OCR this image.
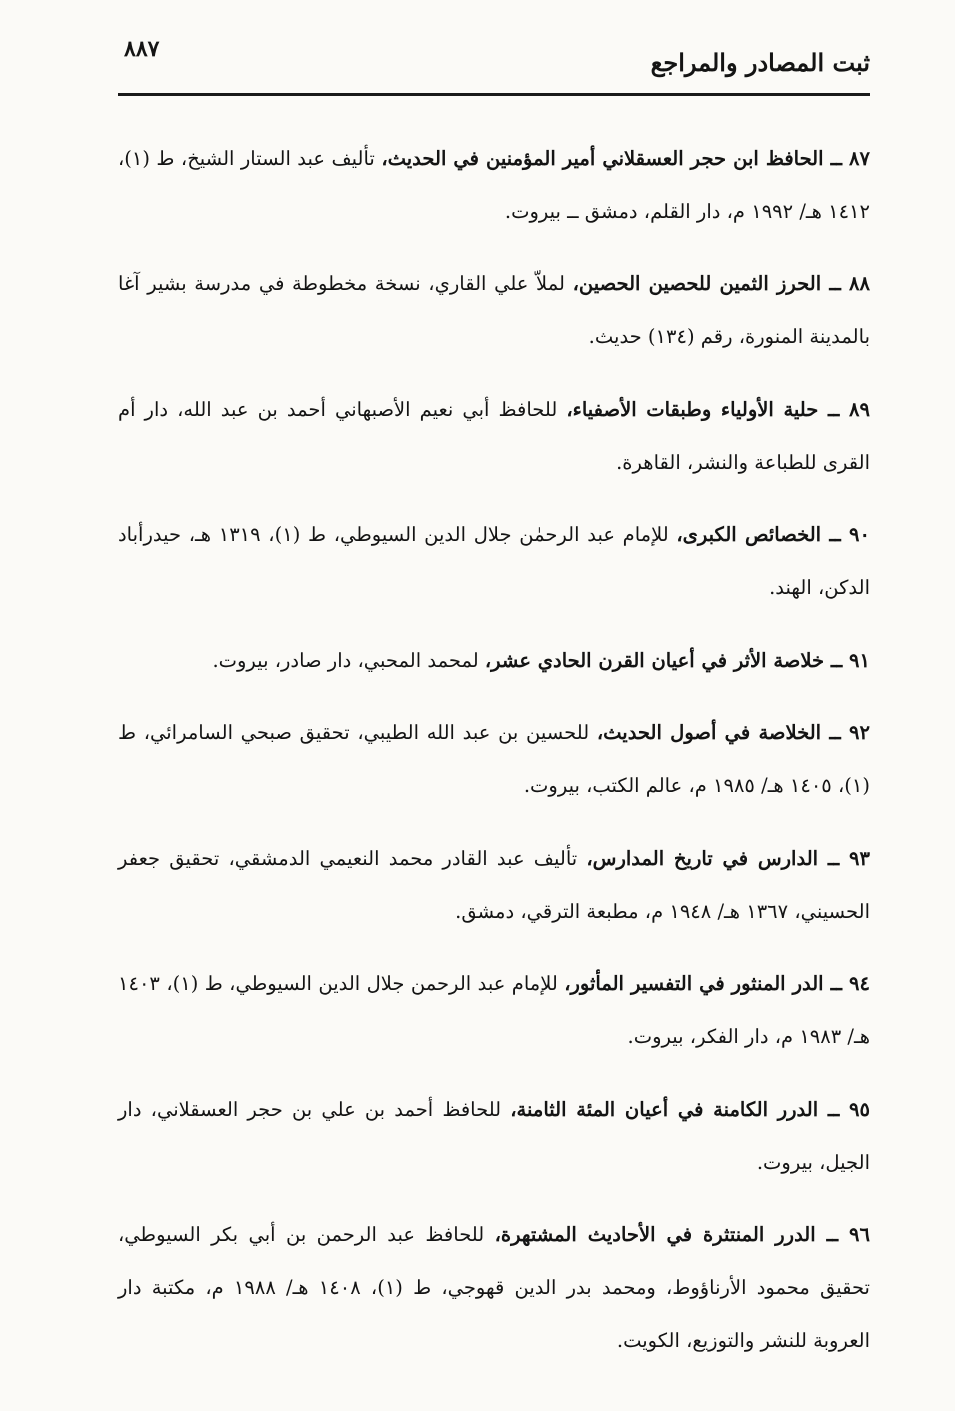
ثبت المصادر والمراجع
٨٨٧

٨٧ ــ الحافظ ابن حجر العسقلاني أمير المؤمنين في الحديث، تأليف عبد الستار الشيخ، ط (١)، ١٤١٢ هـ/ ١٩٩٢ م، دار القلم، دمشق ــ بيروت.

٨٨ ــ الحرز الثمين للحصين الحصين، لملاّ علي القاري، نسخة مخطوطة في مدرسة بشير آغا بالمدينة المنورة، رقم (١٣٤) حديث.

٨٩ ــ حلية الأولياء وطبقات الأصفياء، للحافظ أبي نعيم الأصبهاني أحمد بن عبد الله، دار أم القرى للطباعة والنشر، القاهرة.

٩٠ ــ الخصائص الكبرى، للإمام عبد الرحمٰن جلال الدين السيوطي، ط (١)، ١٣١٩ هـ، حيدرأباد الدكن، الهند.

٩١ ــ خلاصة الأثر في أعيان القرن الحادي عشر، لمحمد المحبي، دار صادر، بيروت.

٩٢ ــ الخلاصة في أصول الحديث، للحسين بن عبد الله الطيبي، تحقيق صبحي السامرائي، ط (١)، ١٤٠٥ هـ/ ١٩٨٥ م، عالم الكتب، بيروت.

٩٣ ــ الدارس في تاريخ المدارس، تأليف عبد القادر محمد النعيمي الدمشقي، تحقيق جعفر الحسيني، ١٣٦٧ هـ/ ١٩٤٨ م، مطبعة الترقي، دمشق.

٩٤ ــ الدر المنثور في التفسير المأثور، للإمام عبد الرحمن جلال الدين السيوطي، ط (١)، ١٤٠٣ هـ/ ١٩٨٣ م، دار الفكر، بيروت.

٩٥ ــ الدرر الكامنة في أعيان المئة الثامنة، للحافظ أحمد بن علي بن حجر العسقلاني، دار الجيل، بيروت.

٩٦ ــ الدرر المنتثرة في الأحاديث المشتهرة، للحافظ عبد الرحمن بن أبي بكر السيوطي، تحقيق محمود الأرناؤوط، ومحمد بدر الدين قهوجي، ط (١)، ١٤٠٨ هـ/ ١٩٨٨ م، مكتبة دار العروبة للنشر والتوزيع، الكويت.
